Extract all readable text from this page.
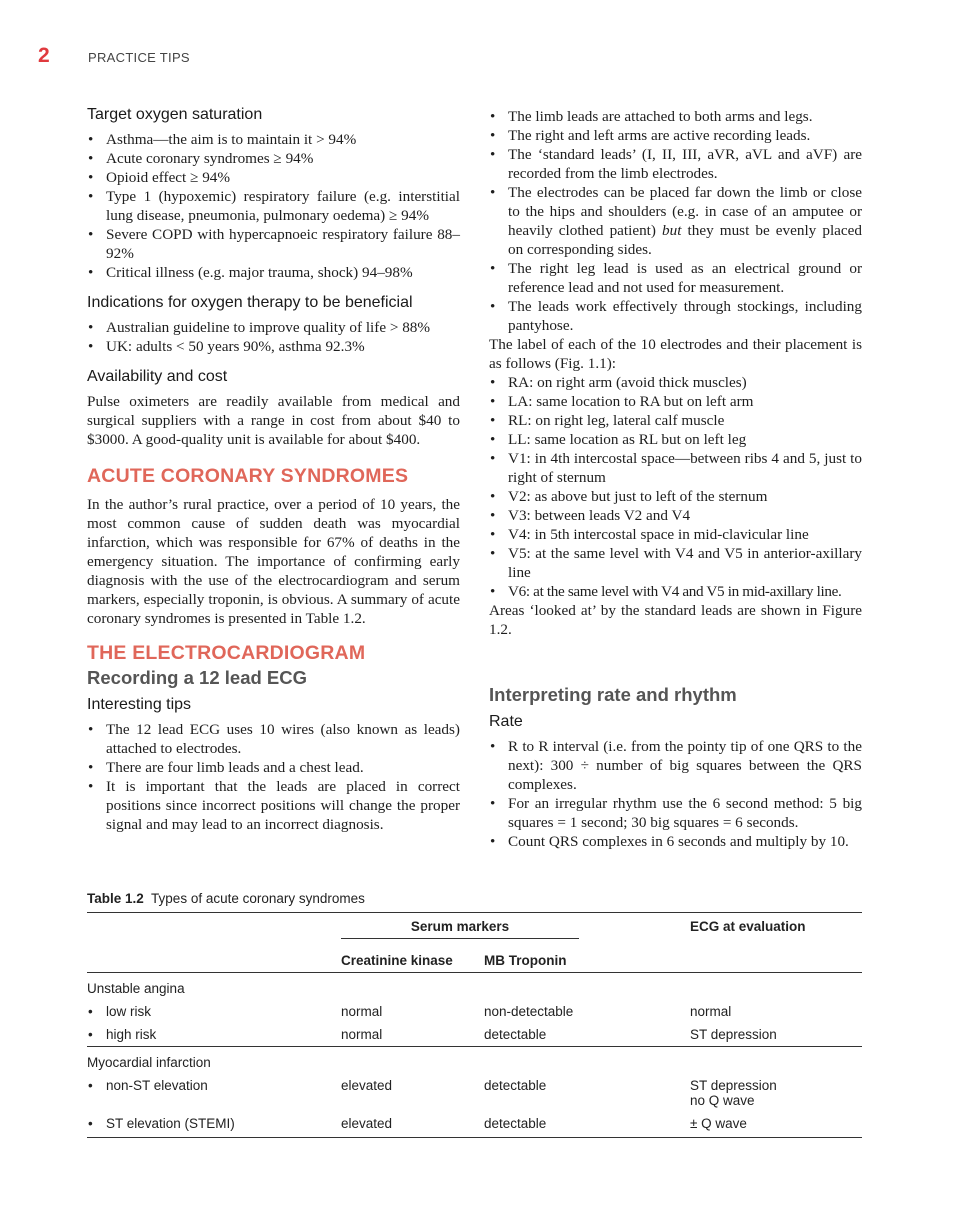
2	PRACTICE TIPS
Target oxygen saturation
• Asthma—the aim is to maintain it > 94%
• Acute coronary syndromes ≥ 94%
• Opioid effect ≥ 94%
• Type 1 (hypoxemic) respiratory failure (e.g. interstitial lung disease, pneumonia, pulmonary oedema) ≥ 94%
• Severe COPD with hypercapnoeic respiratory failure 88–92%
• Critical illness (e.g. major trauma, shock) 94–98%
Indications for oxygen therapy to be beneficial
• Australian guideline to improve quality of life > 88%
• UK: adults < 50 years 90%, asthma 92.3%
Availability and cost

Pulse oximeters are readily available from medical and surgical suppliers with a range in cost from about $40 to $3000. A good-quality unit is available for about $400.

ACUTE CORONARY SYNDROMES

In the author’s rural practice, over a period of 10 years, the most common cause of sudden death was myocardial infarction, which was responsible for 67% of deaths in the emergency situation. The importance of confirming early diagnosis with the use of the electrocardiogram and serum markers, especially troponin, is obvious. A summary of acute coronary syndromes is presented in Table 1.2.

THE ELECTROCARDIOGRAM
Recording a 12 lead ECG
Interesting tips
• The 12 lead ECG uses 10 wires (also known as leads) attached to electrodes.
• There are four limb leads and a chest lead.
• It is important that the leads are placed in correct positions since incorrect positions will change the proper signal and may lead to an incorrect diagnosis.
• The limb leads are attached to both arms and legs.
• The right and left arms are active recording leads.
• The ‘standard leads’ (I, II, III, aVR, aVL and aVF) are recorded from the limb electrodes.
• The electrodes can be placed far down the limb or close to the hips and shoulders (e.g. in case of an amputee or heavily clothed patient) but they must be evenly placed on corresponding sides.
• The right leg lead is used as an electrical ground or reference lead and not used for measurement.
• The leads work effectively through stockings, including pantyhose.

The label of each of the 10 electrodes and their placement is as follows (Fig. 1.1):

• RA: on right arm (avoid thick muscles)
• LA: same location to RA but on left arm
• RL: on right leg, lateral calf muscle
• LL: same location as RL but on left leg
• V1: in 4th intercostal space—between ribs 4 and 5, just to right of sternum
• V2: as above but just to left of the sternum
• V3: between leads V2 and V4
• V4: in 5th intercostal space in mid-clavicular line
• V5: at the same level with V4 and V5 in anterior-axillary line
• V6: at the same level with V4 and V5 in mid-axillary line.

Areas ‘looked at’ by the standard leads are shown in Figure 1.2.

Interpreting rate and rhythm
Rate
• R to R interval (i.e. from the pointy tip of one QRS to the next): 300 ÷ number of big squares between the QRS complexes.
• For an irregular rhythm use the 6 second method: 5 big squares = 1 second; 30 big squares = 6 seconds.
• Count QRS complexes in 6 seconds and multiply by 10.
Table 1.2 Types of acute coronary syndromes

	Serum markers		ECG at evaluation
	Creatinine kinase	MB Troponin	
Unstable angina			
• low risk	normal	non-detectable	normal
• high risk	normal	detectable	ST depression
Myocardial infarction			
• non-ST elevation	elevated	detectable	ST depression
no Q wave

• ST elevation (STEMI)	elevated	detectable	± Q wave
